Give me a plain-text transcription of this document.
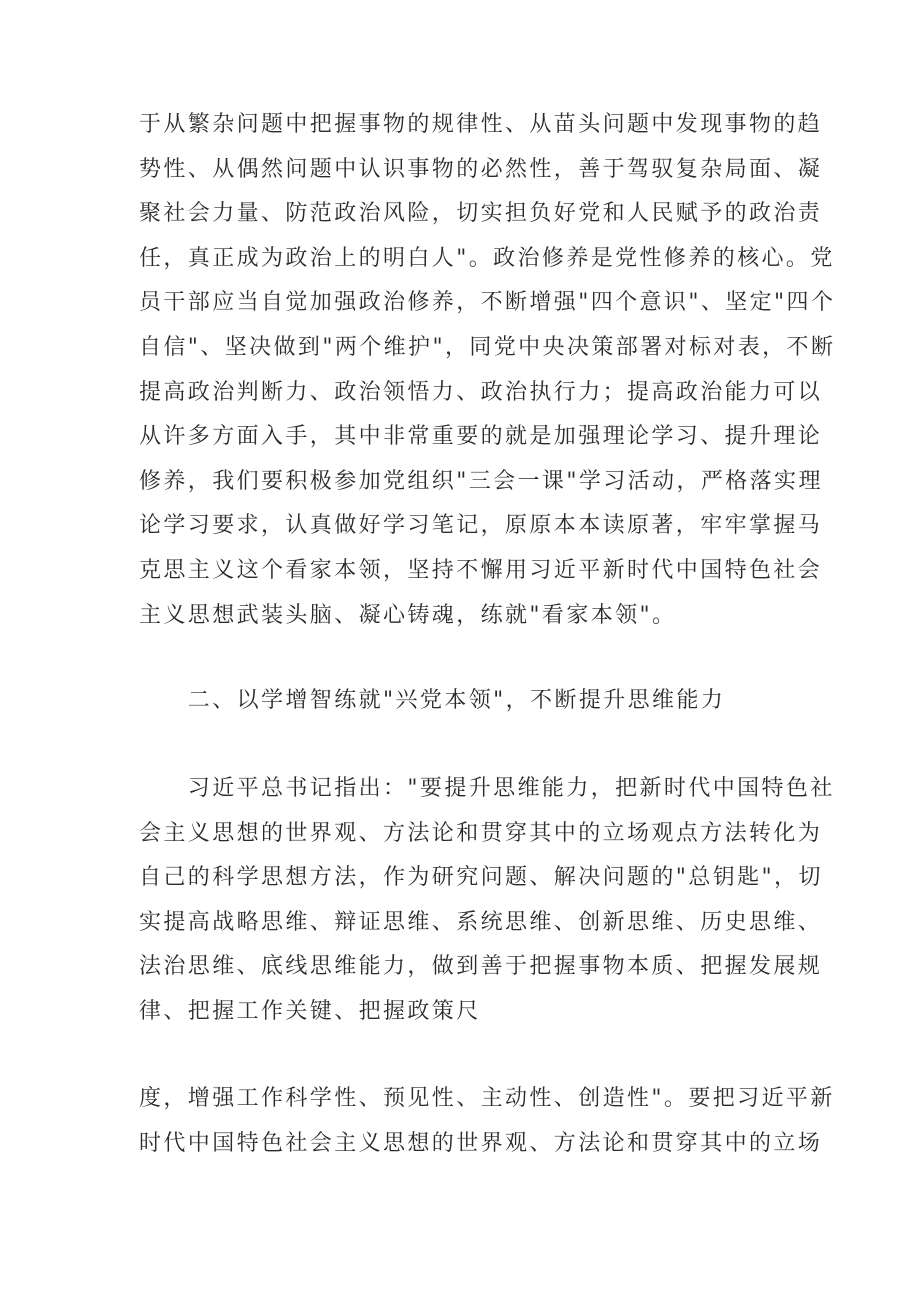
于从繁杂问题中把握事物的规律性、从苗头问题中发现事物的趋
势性、从偶然问题中认识事物的必然性，善于驾驭复杂局面、凝
聚社会力量、防范政治风险，切实担负好党和人民赋予的政治责
任，真正成为政治上的明白人"。政治修养是党性修养的核心。党
员干部应当自觉加强政治修养，不断增强"四个意识"、坚定"四个
自信"、坚决做到"两个维护"，同党中央决策部署对标对表，不断
提高政治判断力、政治领悟力、政治执行力；提高政治能力可以
从许多方面入手，其中非常重要的就是加强理论学习、提升理论
修养，我们要积极参加党组织"三会一课"学习活动，严格落实理
论学习要求，认真做好学习笔记，原原本本读原著，牢牢掌握马
克思主义这个看家本领，坚持不懈用习近平新时代中国特色社会
主义思想武装头脑、凝心铸魂，练就"看家本领"。
　　二、以学增智练就"兴党本领"，不断提升思维能力
　　习近平总书记指出："要提升思维能力，把新时代中国特色社
会主义思想的世界观、方法论和贯穿其中的立场观点方法转化为
自己的科学思想方法，作为研究问题、解决问题的"总钥匙"，切
实提高战略思维、辩证思维、系统思维、创新思维、历史思维、
法治思维、底线思维能力，做到善于把握事物本质、把握发展规
律、把握工作关键、把握政策尺
度，增强工作科学性、预见性、主动性、创造性"。要把习近平新
时代中国特色社会主义思想的世界观、方法论和贯穿其中的立场
